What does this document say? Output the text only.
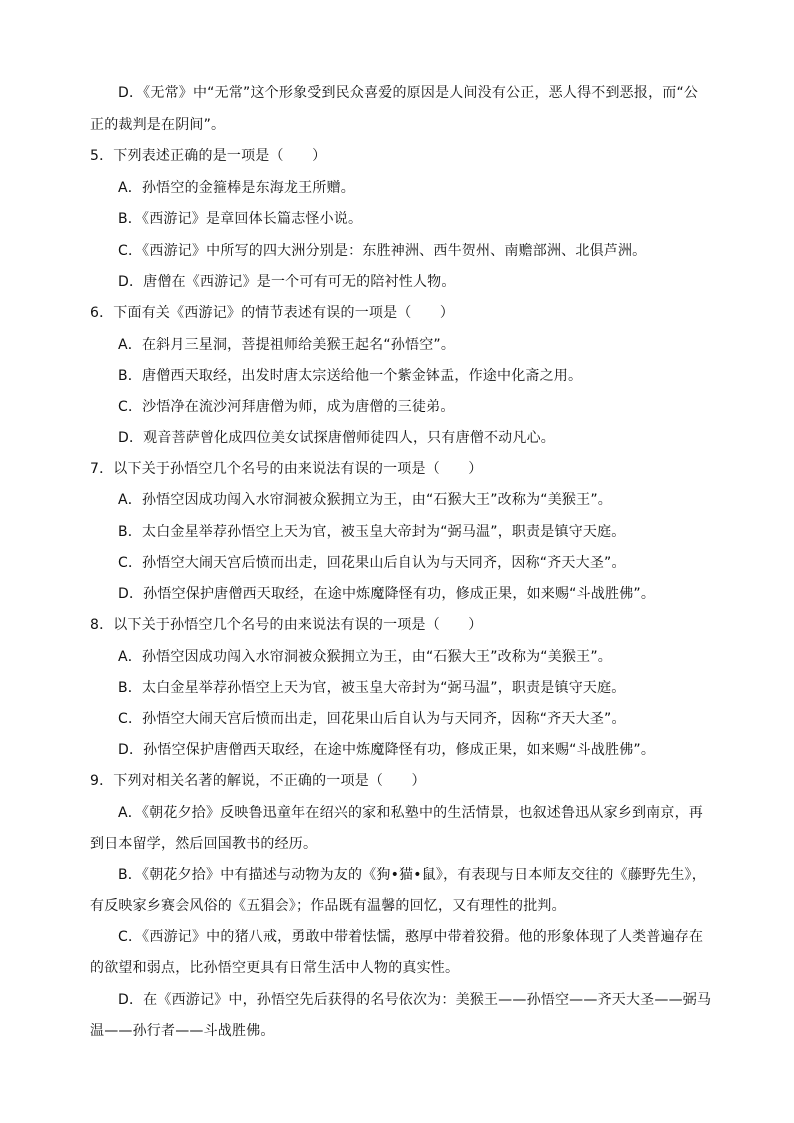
D．《无常》中“无常”这个形象受到民众喜爱的原因是人间没有公正，恶人得不到恶报，而“公
正的裁判是在阴间”。
5．下列表述正确的是一项是（　　）
A．孙悟空的金箍棒是东海龙王所赠。
B．《西游记》是章回体长篇志怪小说。
C．《西游记》中所写的四大洲分别是：东胜神洲、西牛贺州、南赡部洲、北俱芦洲。
D．唐僧在《西游记》是一个可有可无的陪衬性人物。
6．下面有关《西游记》的情节表述有误的一项是（　　）
A．在斜月三星洞，菩提祖师给美猴王起名“孙悟空”。
B．唐僧西天取经，出发时唐太宗送给他一个紫金钵盂，作途中化斋之用。
C．沙悟净在流沙河拜唐僧为师，成为唐僧的三徒弟。
D．观音菩萨曾化成四位美女试探唐僧师徒四人，只有唐僧不动凡心。
7．以下关于孙悟空几个名号的由来说法有误的一项是（　　）
A．孙悟空因成功闯入水帘洞被众猴拥立为王，由“石猴大王”改称为“美猴王”。
B．太白金星举荐孙悟空上天为官，被玉皇大帝封为“弼马温”，职责是镇守天庭。
C．孙悟空大闹天宫后愤而出走，回花果山后自认为与天同齐，因称“齐天大圣”。
D．孙悟空保护唐僧西天取经，在途中炼魔降怪有功，修成正果，如来赐“斗战胜佛”。
8．以下关于孙悟空几个名号的由来说法有误的一项是（　　）
A．孙悟空因成功闯入水帘洞被众猴拥立为王，由“石猴大王”改称为“美猴王”。
B．太白金星举荐孙悟空上天为官，被玉皇大帝封为“弼马温”，职责是镇守天庭。
C．孙悟空大闹天宫后愤而出走，回花果山后自认为与天同齐，因称“齐天大圣”。
D．孙悟空保护唐僧西天取经，在途中炼魔降怪有功，修成正果，如来赐“斗战胜佛”。
9．下列对相关名著的解说，不正确的一项是（　　）
A．《朝花夕拾》反映鲁迅童年在绍兴的家和私塾中的生活情景，也叙述鲁迅从家乡到南京，再
到日本留学，然后回国教书的经历。
B．《朝花夕拾》中有描述与动物为友的《狗•猫•鼠》，有表现与日本师友交往的《藤野先生》，
有反映家乡赛会风俗的《五猖会》；作品既有温馨的回忆，又有理性的批判。
C．《西游记》中的猪八戒，勇敢中带着怯懦，憨厚中带着狡猾。他的形象体现了人类普遍存在
的欲望和弱点，比孙悟空更具有日常生活中人物的真实性。
D．在《西游记》中，孙悟空先后获得的名号依次为：美猴王——孙悟空——齐天大圣——弼马
温——孙行者——斗战胜佛。
